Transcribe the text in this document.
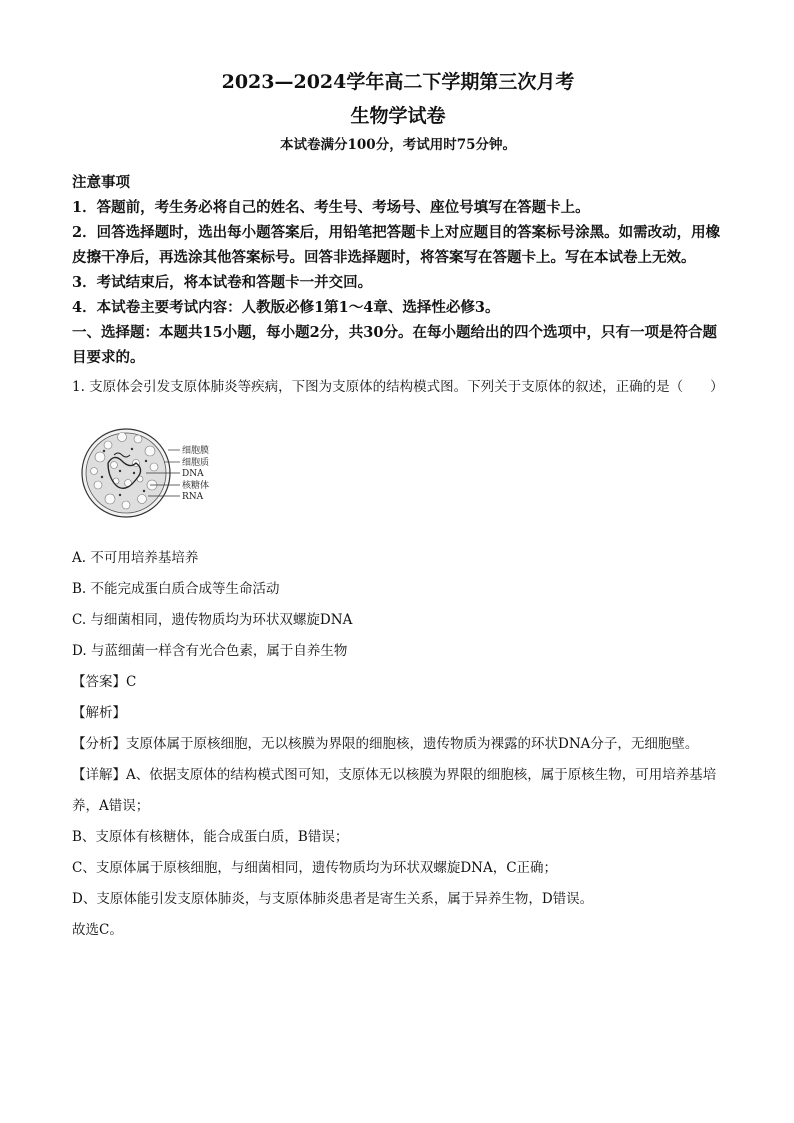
2023—2024学年高二下学期第三次月考

生物学试卷

本试卷满分100分，考试用时75分钟。

注意事项

1．答题前，考生务必将自己的姓名、考生号、考场号、座位号填写在答题卡上。

2．回答选择题时，选出每小题答案后，用铅笔把答题卡上对应题目的答案标号涂黑。如需改动，用橡皮擦干净后，再选涂其他答案标号。回答非选择题时，将答案写在答题卡上。写在本试卷上无效。

3．考试结束后，将本试卷和答题卡一并交回。

4．本试卷主要考试内容：人教版必修1第1～4章、选择性必修3。

一、选择题：本题共15小题，每小题2分，共30分。在每小题给出的四个选项中，只有一项是符合题目要求的。

1. 支原体会引发支原体肺炎等疾病，下图为支原体的结构模式图。下列关于支原体的叙述，正确的是（　　）

细胞膜
细胞质
DNA
核糖体
RNA

A. 不可用培养基培养

B. 不能完成蛋白质合成等生命活动

C. 与细菌相同，遗传物质均为环状双螺旋DNA

D. 与蓝细菌一样含有光合色素，属于自养生物

【答案】C

【解析】

【分析】支原体属于原核细胞，无以核膜为界限的细胞核，遗传物质为裸露的环状DNA分子，无细胞壁。

【详解】A、依据支原体的结构模式图可知，支原体无以核膜为界限的细胞核，属于原核生物，可用培养基培养，A错误；

B、支原体有核糖体，能合成蛋白质，B错误；

C、支原体属于原核细胞，与细菌相同，遗传物质均为环状双螺旋DNA，C正确；

D、支原体能引发支原体肺炎，与支原体肺炎患者是寄生关系，属于异养生物，D错误。

故选C。
